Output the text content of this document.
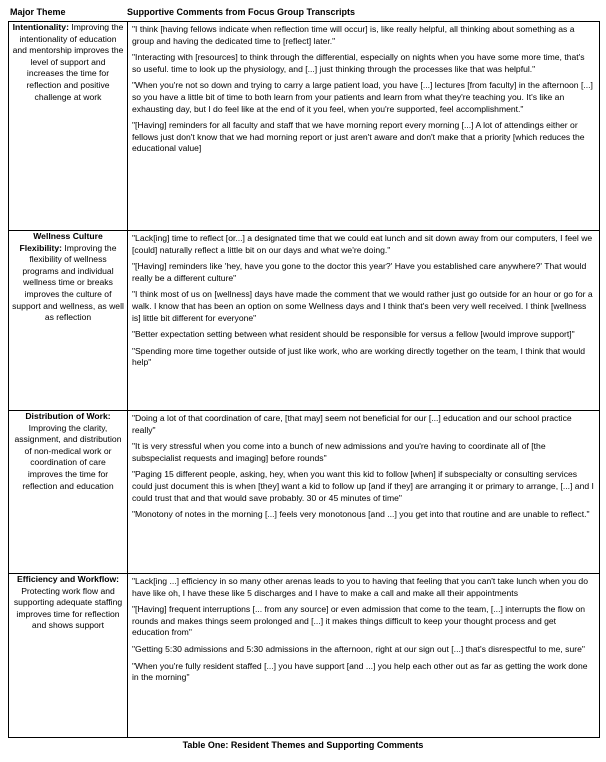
Major Theme	Supportive Comments from Focus Group Transcripts
Intentionality: Improving the intentionality of education and mentorship improves the level of support and increases the time for reflection and positive challenge at work	"I think [having fellows indicate when reflection time will occur] is, like really helpful, all thinking about something as a group and having the dedicated time to [reflect] later."

"Interacting with [resources] to think through the differential, especially on nights when you have some more time, that's so useful. time to look up the physiology, and [...] just thinking through the processes like that was helpful."

"When you're not so down and trying to carry a large patient load, you have [...] lectures [from faculty] in the afternoon [...] so you have a little bit of time to both learn from your patients and learn from what they're teaching you. It's like an exhausting day, but I do feel like at the end of it you feel, when you're supported, feel accomplishment."

"[Having] reminders for all faculty and staff that we have morning report every morning [...] A lot of attendings either or fellows just don't know that we had morning report or just aren't aware and don't make that a priority [which reduces the educational value]

Wellness Culture Flexibility: Improving the flexibility of wellness programs and individual wellness time or breaks improves the culture of support and wellness, as well as reflection	"Lack[ing] time to reflect [or...] a designated time that we could eat lunch and sit down away from our computers, I feel we [could] naturally reflect a little bit on our days and what we're doing."

"[Having] reminders like 'hey, have you gone to the doctor this year?' Have you established care anywhere?' That would really be a different culture"

"I think most of us on [wellness] days have made the comment that we would rather just go outside for an hour or go for a walk. I know that has been an option on some Wellness days and I think that's been very well received. I think [wellness is] little bit different for everyone"

"Better expectation setting between what resident should be responsible for versus a fellow [would improve support]"

"Spending more time together outside of just like work, who are working directly together on the team, I think that would help"

Distribution of Work: Improving the clarity, assignment, and distribution of non-medical work or coordination of care improves the time for reflection and education	"Doing a lot of that coordination of care, [that may] seem not beneficial for our [...] education and our school practice really"

"It is very stressful when you come into a bunch of new admissions and you're having to coordinate all of [the subspecialist requests and imaging] before rounds"

"Paging 15 different people, asking, hey, when you want this kid to follow [when] if subspecialty or consulting services could just document this is when [they] want a kid to follow up [and if they] are arranging it or primary to arrange, [...] and I could trust that and that would save probably. 30 or 45 minutes of time"

"Monotony of notes in the morning [...] feels very monotonous [and ...] you get into that routine and are unable to reflect."

Efficiency and Workflow: Protecting work flow and supporting adequate staffing improves time for reflection and shows support	"Lack[ing ...] efficiency in so many other arenas leads to you to having that feeling that you can't take lunch when you do have like oh, I have these like 5 discharges and I have to make a call and make all their appointments

"[Having] frequent interruptions [... from any source] or even admission that come to the team, [...] interrupts the flow on rounds and makes things seem prolonged and [...] it makes things difficult to keep your thought process and get education from"

"Getting 5:30 admissions and 5:30 admissions in the afternoon, right at our sign out [...] that's disrespectful to me, sure"

"When you're fully resident staffed [...] you have support [and ...] you help each other out as far as getting the work done in the morning"

Table One: Resident Themes and Supporting Comments
